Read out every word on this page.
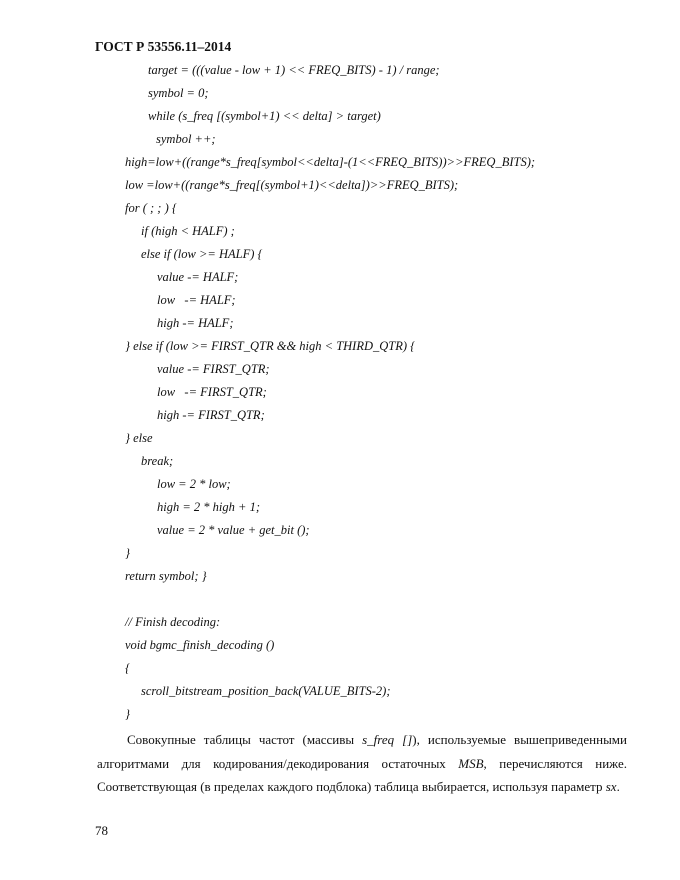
ГОСТ Р 53556.11–2014
target = (((value - low + 1) << FREQ_BITS) - 1) / range;
symbol = 0;
while (s_freq [(symbol+1) << delta] > target)
symbol ++;
high=low+((range*s_freq[symbol<<delta]-(1<<FREQ_BITS))>>FREQ_BITS);
low =low+((range*s_freq[(symbol+1)<<delta])>>FREQ_BITS);
for ( ; ; ) {
if (high < HALF) ;
else if (low >= HALF) {
value -= HALF;
low   -= HALF;
high -= HALF;
} else if (low >= FIRST_QTR && high < THIRD_QTR) {
value -= FIRST_QTR;
low   -= FIRST_QTR;
high -= FIRST_QTR;
} else
break;
low = 2 * low;
high = 2 * high + 1;
value = 2 * value + get_bit ();
}
return symbol; }
// Finish decoding:
void bgmc_finish_decoding ()
{
scroll_bitstream_position_back(VALUE_BITS-2);
}

Совокупные таблицы частот (массивы s_freq []), используемые вышеприведенными алгоритмами для кодирования/декодирования остаточных MSB, перечисляются ниже. Соответствующая (в пределах каждого подблока) таблица выбирается, используя параметр sx.

78
